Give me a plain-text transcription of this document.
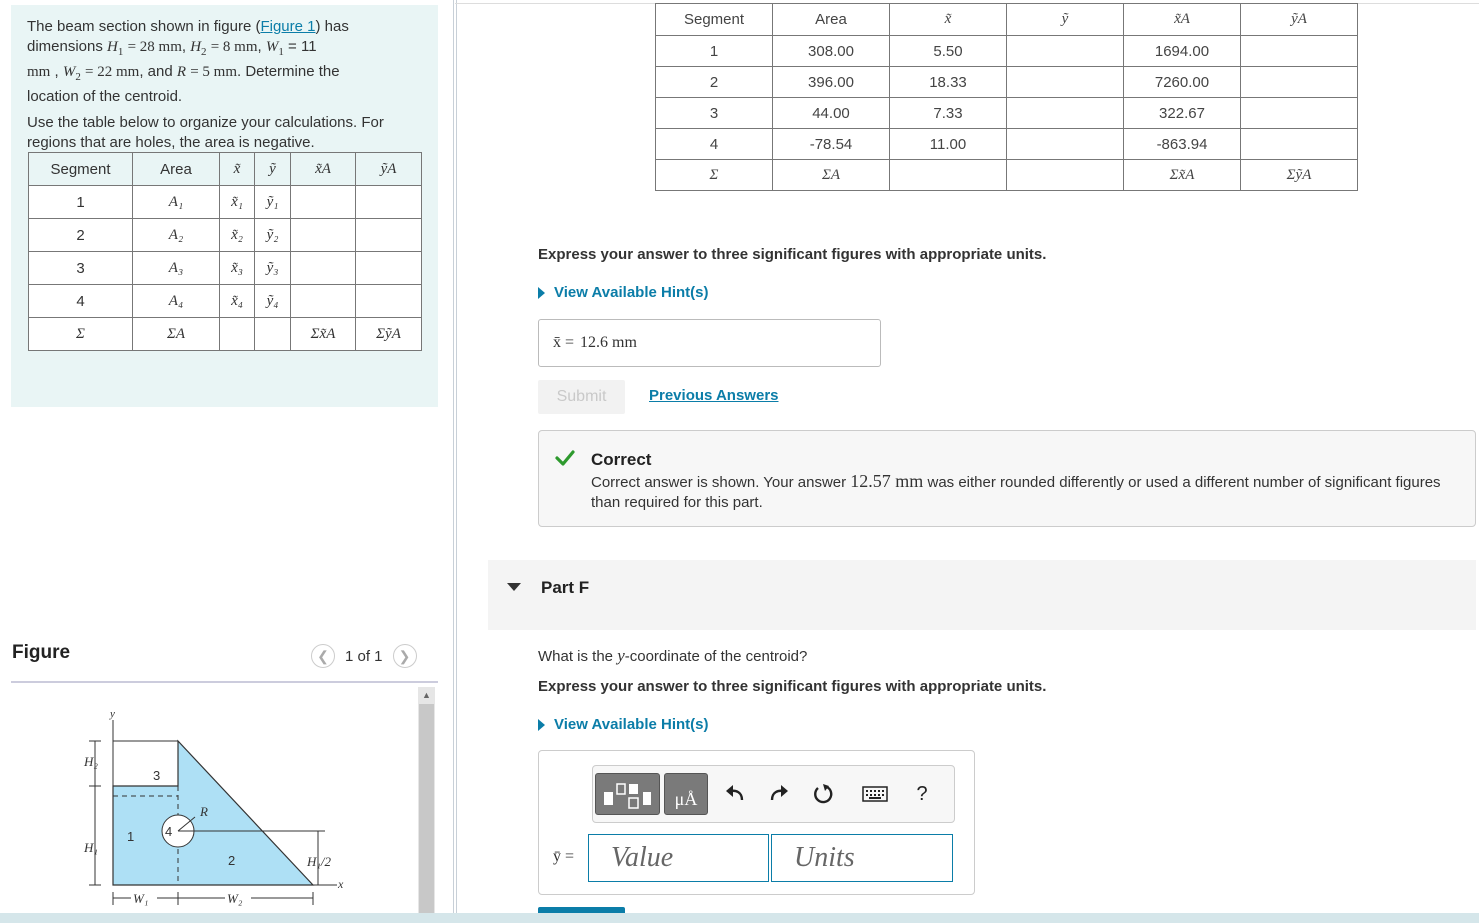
The beam section shown in figure (Figure 1) has
dimensions $H_1 = 28$ mm, $H_2 = 8$ mm, $W_1 = 11$
mm , $W_2 = 22$ mm, and R = 5 mm. Determine the
location of the centroid.
Use the table below to organize your calculations. For regions that are holes, the area is negative.
Segment	Area	x̃	ỹ	x̃A	ỹA
1	A₁	x̃₁	ỹ₁		
2	A₂	x̃₂	ỹ₂		
3	A₃	x̃₃	ỹ₃		
4	A₄	x̃₄	ỹ₄		
Σ	ΣA			Σx̃A	ΣỹA
Figure	❮	1 of 1	❯
▲
y
x
H₂
H₁
H₁/2
W₁	W₂
3
1 4
2
R
Segment	Area	x̃	ỹ	x̃A	ỹA
1	308.00	5.50		1694.00	
2	396.00	18.33		7260.00	
3	44.00	7.33		322.67	
4	-78.54	11.00		-863.94	
Σ	ΣA			Σx̃A	ΣỹA
Express your answer to three significant figures with appropriate units.
View Available Hint(s)
x̄ = 12.6 mm
Submit	Previous Answers
Correct
Correct answer is shown. Your answer 12.57 mm was either rounded differently or used a different number of significant figures than required for this part.
Part F
What is the y-coordinate of the centroid?
Express your answer to three significant figures with appropriate units.
View Available Hint(s)
μÅ	?
ȳ =	Value	Units
